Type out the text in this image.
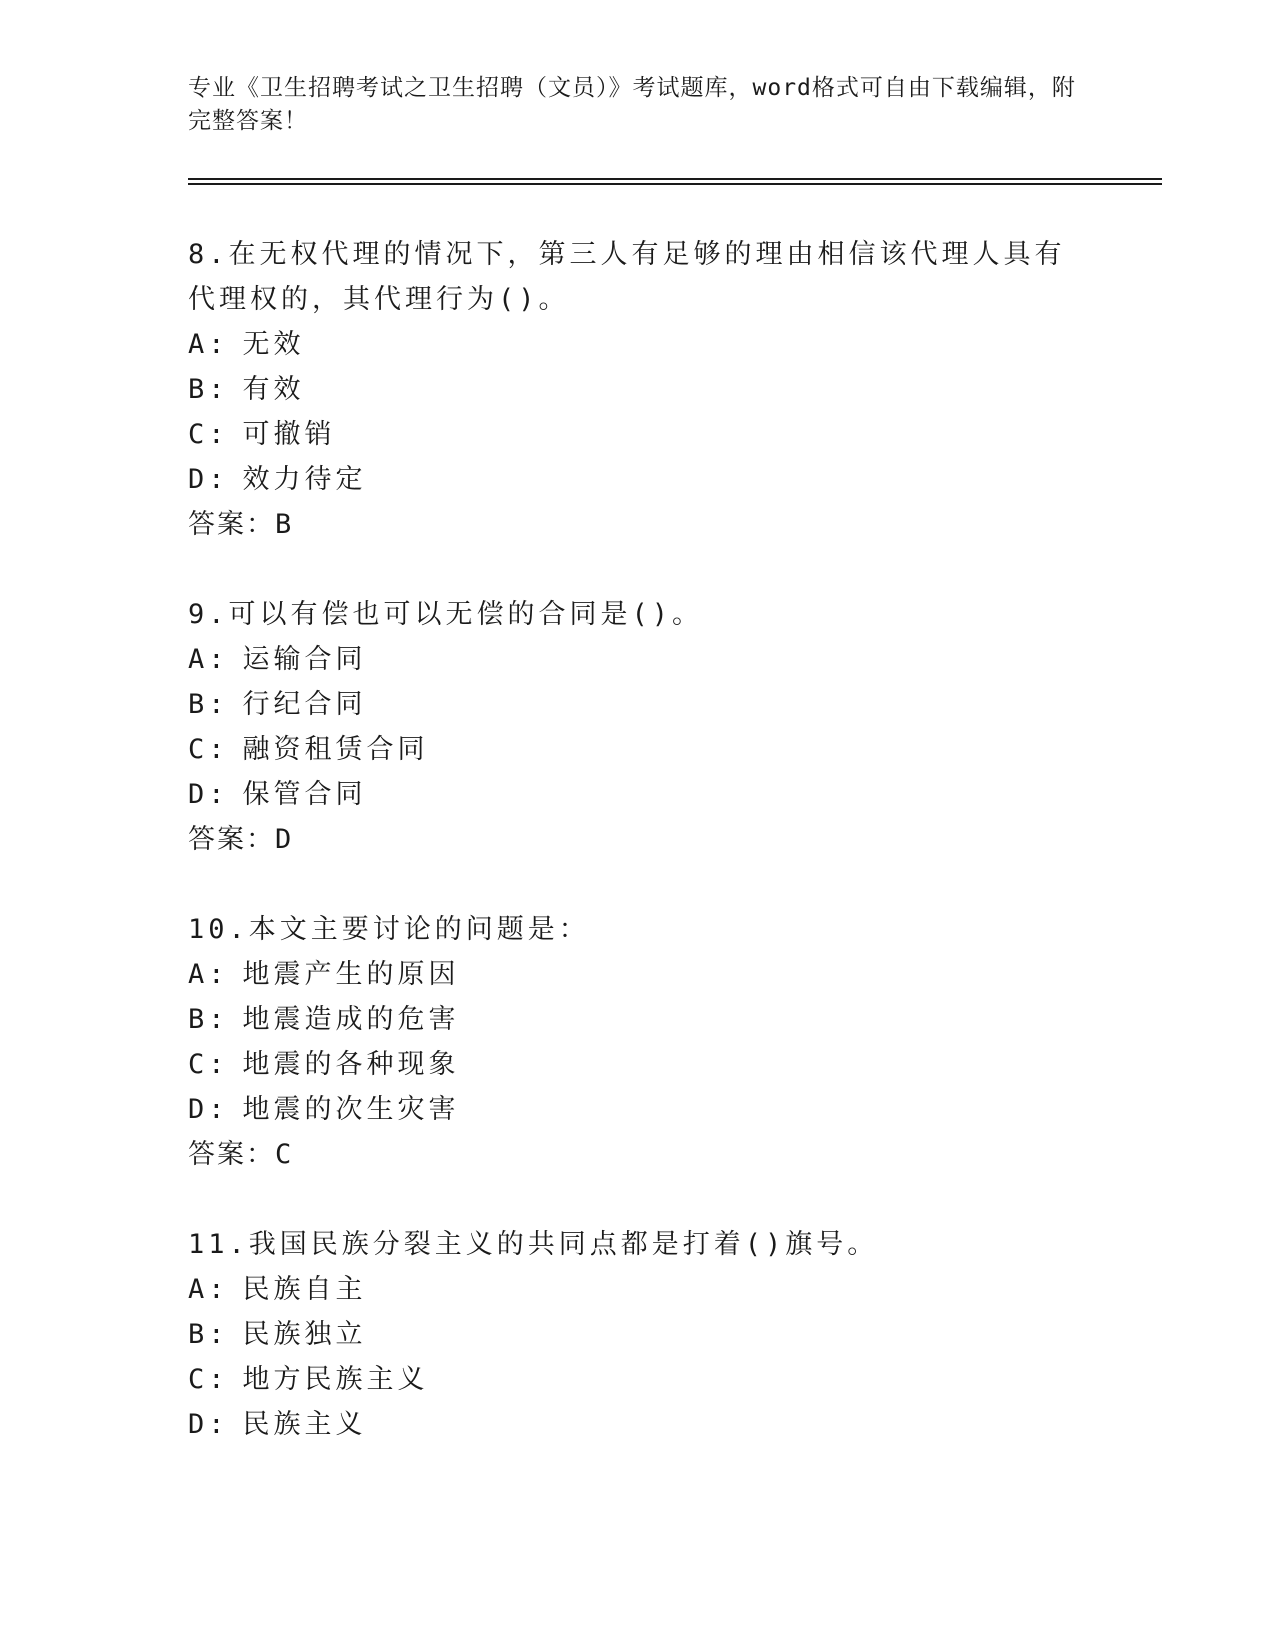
专业《卫生招聘考试之卫生招聘（文员）》考试题库，word格式可自由下载编辑，附完整答案！

8.在无权代理的情况下，第三人有足够的理由相信该代理人具有代理权的，其代理行为()。

A: 无效

B: 有效

C: 可撤销

D: 效力待定

答案：B

9.可以有偿也可以无偿的合同是()。

A: 运输合同

B: 行纪合同

C: 融资租赁合同

D: 保管合同

答案：D

10.本文主要讨论的问题是：

A: 地震产生的原因

B: 地震造成的危害

C: 地震的各种现象

D: 地震的次生灾害

答案：C

11.我国民族分裂主义的共同点都是打着()旗号。

A: 民族自主

B: 民族独立

C: 地方民族主义

D: 民族主义
